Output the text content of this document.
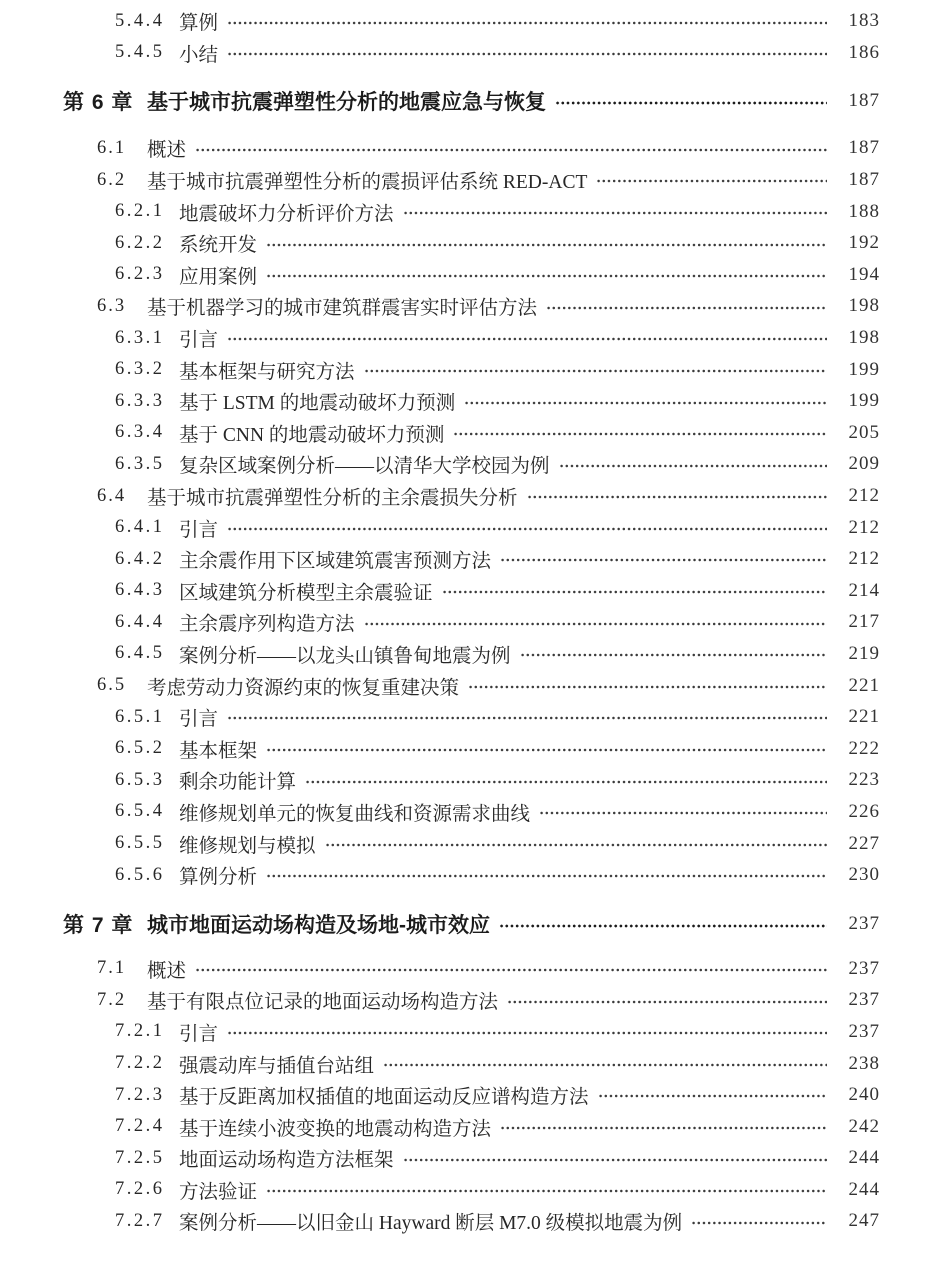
5.4.4 算例	183
5.4.5 小结	186
第 6 章 基于城市抗震弹塑性分析的地震应急与恢复	187
6.1	概述	187
6.2	基于城市抗震弹塑性分析的震损评估系统 RED-ACT	187
6.2.1 地震破坏力分析评价方法	188
6.2.2 系统开发	192
6.2.3 应用案例	194
6.3	基于机器学习的城市建筑群震害实时评估方法	198
6.3.1 引言	198
6.3.2 基本框架与研究方法	199
6.3.3 基于 LSTM 的地震动破坏力预测	199
6.3.4 基于 CNN 的地震动破坏力预测	205
6.3.5 复杂区域案例分析——以清华大学校园为例	209
6.4	基于城市抗震弹塑性分析的主余震损失分析	212
6.4.1 引言	212
6.4.2 主余震作用下区域建筑震害预测方法	212
6.4.3 区域建筑分析模型主余震验证	214
6.4.4 主余震序列构造方法	217
6.4.5 案例分析——以龙头山镇鲁甸地震为例	219
6.5	考虑劳动力资源约束的恢复重建决策	221
6.5.1 引言	221
6.5.2 基本框架	222
6.5.3 剩余功能计算	223
6.5.4 维修规划单元的恢复曲线和资源需求曲线	226
6.5.5 维修规划与模拟	227
6.5.6 算例分析	230
第 7 章 城市地面运动场构造及场地-城市效应	237
7.1	概述	237
7.2	基于有限点位记录的地面运动场构造方法	237
7.2.1 引言	237
7.2.2 强震动库与插值台站组	238
7.2.3 基于反距离加权插值的地面运动反应谱构造方法	240
7.2.4 基于连续小波变换的地震动构造方法	242
7.2.5 地面运动场构造方法框架	244
7.2.6 方法验证	244
7.2.7 案例分析——以旧金山 Hayward 断层 M7.0 级模拟地震为例	247
